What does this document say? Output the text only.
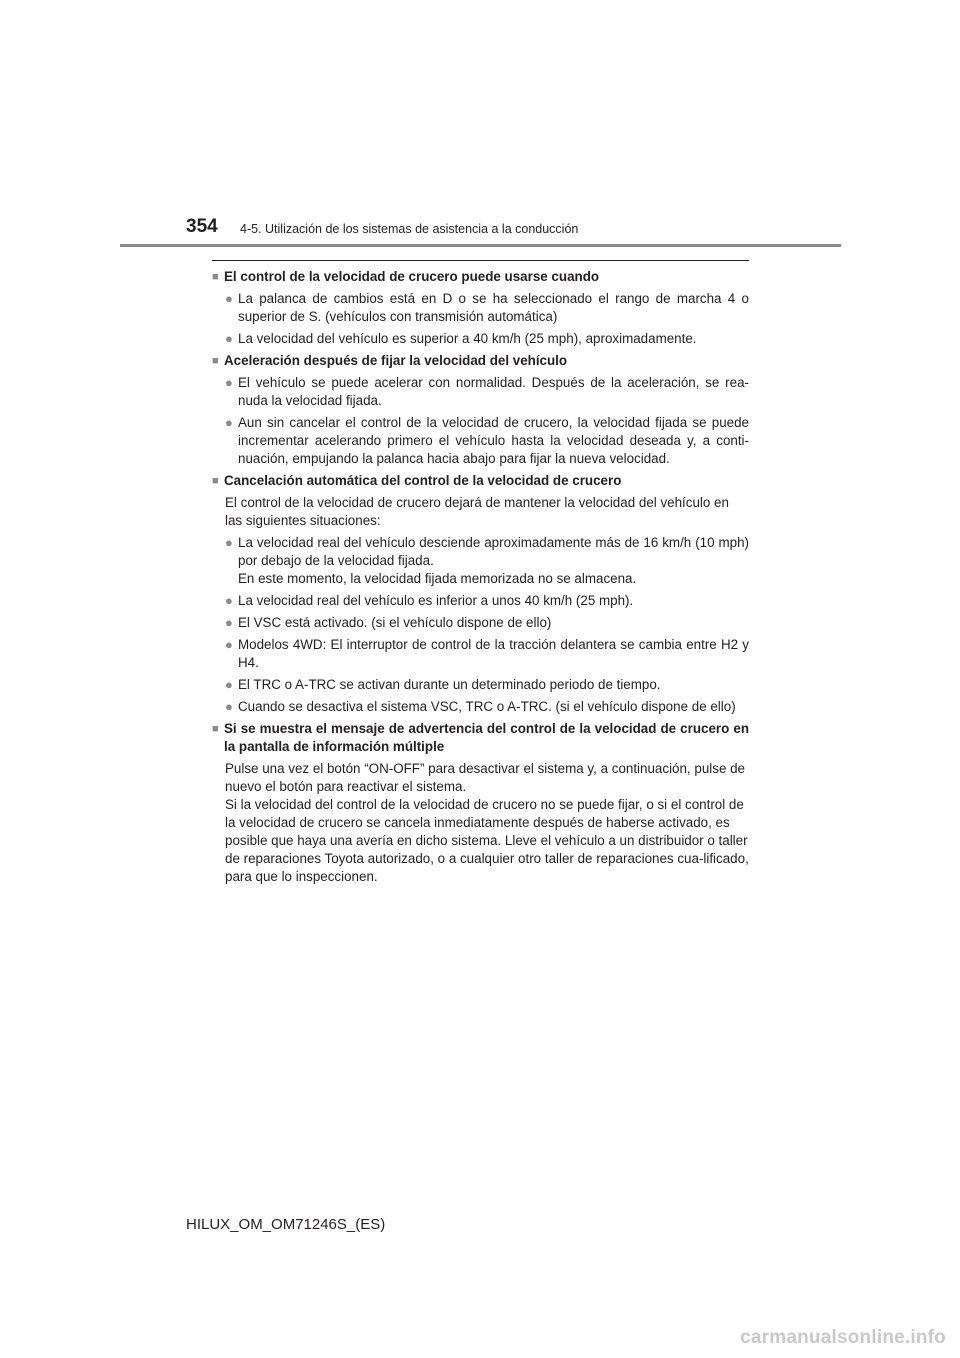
354 4-5. Utilización de los sistemas de asistencia a la conducción
■ El control de la velocidad de crucero puede usarse cuando
● La palanca de cambios está en D o se ha seleccionado el rango de marcha 4 o superior de S. (vehículos con transmisión automática)
● La velocidad del vehículo es superior a 40 km/h (25 mph), aproximadamente.
■ Aceleración después de fijar la velocidad del vehículo
● El vehículo se puede acelerar con normalidad. Después de la aceleración, se rea-nuda la velocidad fijada.
● Aun sin cancelar el control de la velocidad de crucero, la velocidad fijada se puede incrementar acelerando primero el vehículo hasta la velocidad deseada y, a conti-nuación, empujando la palanca hacia abajo para fijar la nueva velocidad.
■ Cancelación automática del control de la velocidad de crucero
El control de la velocidad de crucero dejará de mantener la velocidad del vehículo en las siguientes situaciones:
● La velocidad real del vehículo desciende aproximadamente más de 16 km/h (10 mph) por debajo de la velocidad fijada.
En este momento, la velocidad fijada memorizada no se almacena.
● La velocidad real del vehículo es inferior a unos 40 km/h (25 mph).
● El VSC está activado. (si el vehículo dispone de ello)
● Modelos 4WD: El interruptor de control de la tracción delantera se cambia entre H2 y H4.
● El TRC o A-TRC se activan durante un determinado periodo de tiempo.
● Cuando se desactiva el sistema VSC, TRC o A-TRC. (si el vehículo dispone de ello)
■ Si se muestra el mensaje de advertencia del control de la velocidad de crucero en la pantalla de información múltiple
Pulse una vez el botón “ON-OFF” para desactivar el sistema y, a continuación, pulse de nuevo el botón para reactivar el sistema.
Si la velocidad del control de la velocidad de crucero no se puede fijar, o si el control de la velocidad de crucero se cancela inmediatamente después de haberse activado, es posible que haya una avería en dicho sistema. Lleve el vehículo a un distribuidor o taller de reparaciones Toyota autorizado, o a cualquier otro taller de reparaciones cua-lificado, para que lo inspeccionen.
HILUX_OM_OM71246S_(ES)
carmanualsonline.info
